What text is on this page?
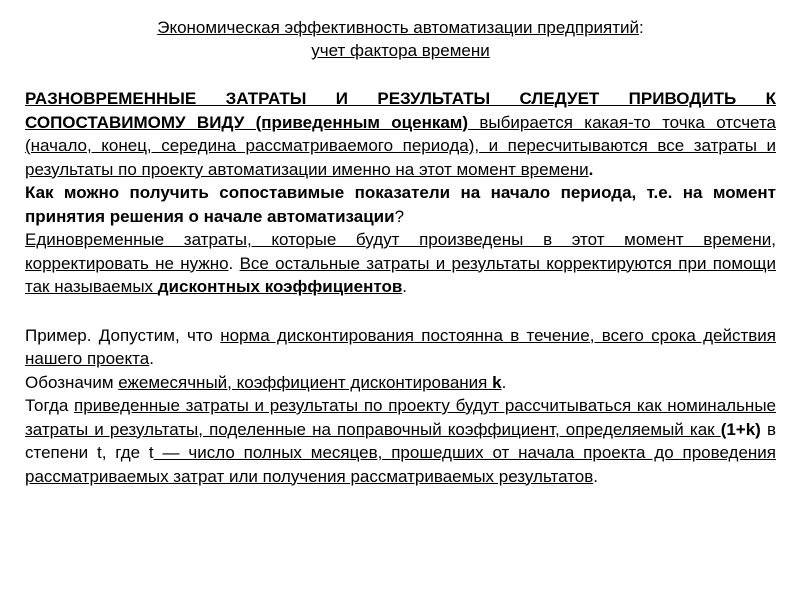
Экономическая эффективность автоматизации предприятий:
учет фактора времени

РАЗНОВРЕМЕННЫЕ ЗАТРАТЫ И РЕЗУЛЬТАТЫ СЛЕДУЕТ ПРИВОДИТЬ К СОПОСТАВИМОМУ ВИДУ (приведенным оценкам) выбирается какая-то точка отсчета (начало, конец, середина рассматриваемого периода), и пересчитываются все затраты и результаты по проекту автоматизации именно на этот момент времени.

Как можно получить сопоставимые показатели на начало периода, т.е. на момент принятия решения о начале автоматизации?

Единовременные затраты, которые будут произведены в этот момент времени, корректировать не нужно. Все остальные затраты и результаты корректируются при помощи так называемых дисконтных коэффициентов.

Пример. Допустим, что норма дисконтирования постоянна в течение, всего срока действия нашего проекта.

Обозначим ежемесячный, коэффициент дисконтирования k.

Тогда приведенные затраты и результаты по проекту будут рассчитываться как номинальные затраты и результаты, поделенные на поправочный коэффициент, определяемый как (1+k) в степени t, где t — число полных месяцев, прошедших от начала проекта до проведения рассматриваемых затрат или получения рассматриваемых результатов.
